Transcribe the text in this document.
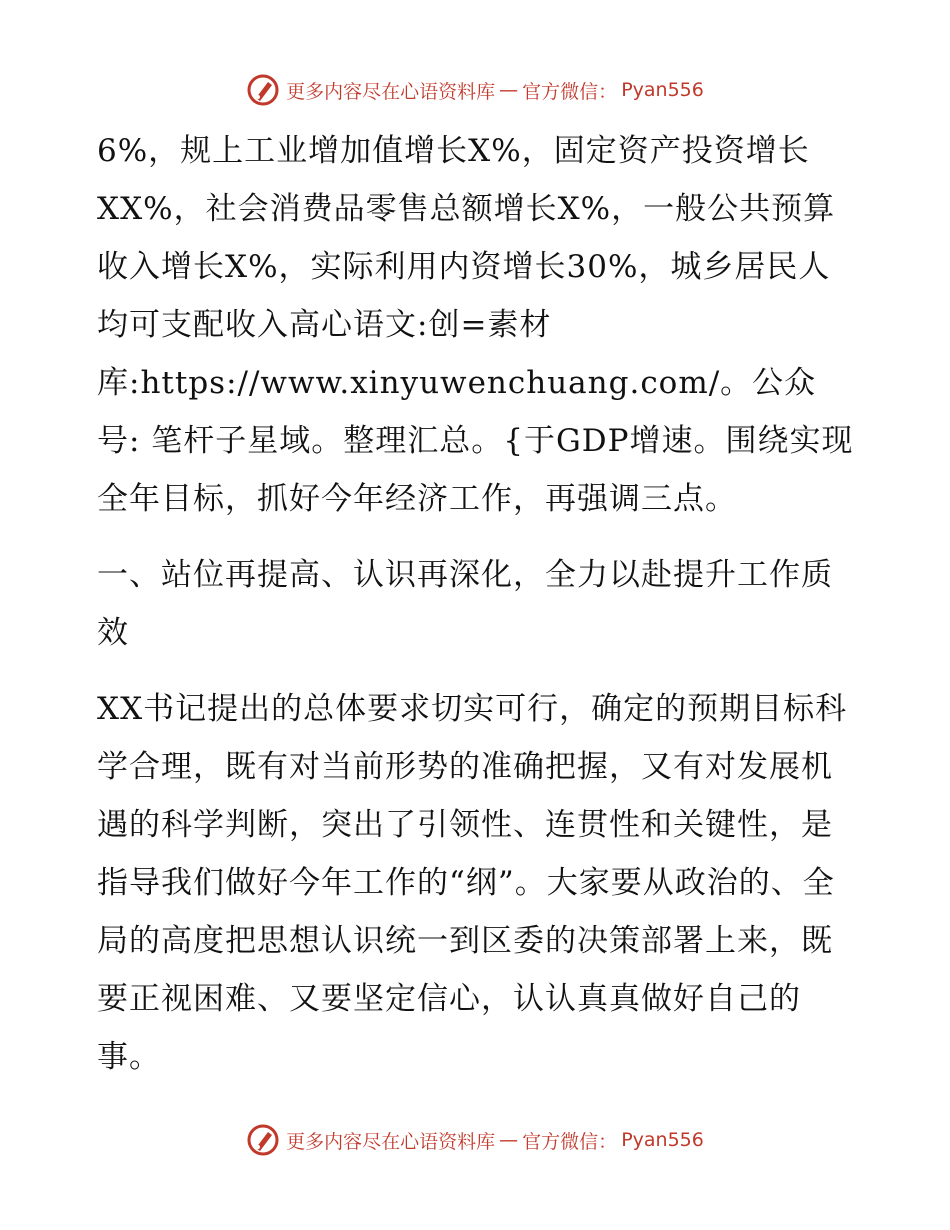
更多内容尽在心语资料库 — 官方微信： Pyan556

6%，规上工业增加值增长X%，固定资产投资增长XX%，社会消费品零售总额增长X%，一般公共预算收入增长X%，实际利用内资增长30%，城乡居民人均可支配收入高心语文:创=素材库:https://www.xinyuwenchuang.com/。公众号: 笔杆子星域。整理汇总。{于GDP增速。围绕实现全年目标，抓好今年经济工作，再强调三点。

一、站位再提高、认识再深化，全力以赴提升工作质效

XX书记提出的总体要求切实可行，确定的预期目标科学合理，既有对当前形势的准确把握，又有对发展机遇的科学判断，突出了引领性、连贯性和关键性，是指导我们做好今年工作的“纲”。大家要从政治的、全局的高度把思想认识统一到区委的决策部署上来，既要正视困难、又要坚定信心，认认真真做好自己的事。

更多内容尽在心语资料库 — 官方微信： Pyan556
